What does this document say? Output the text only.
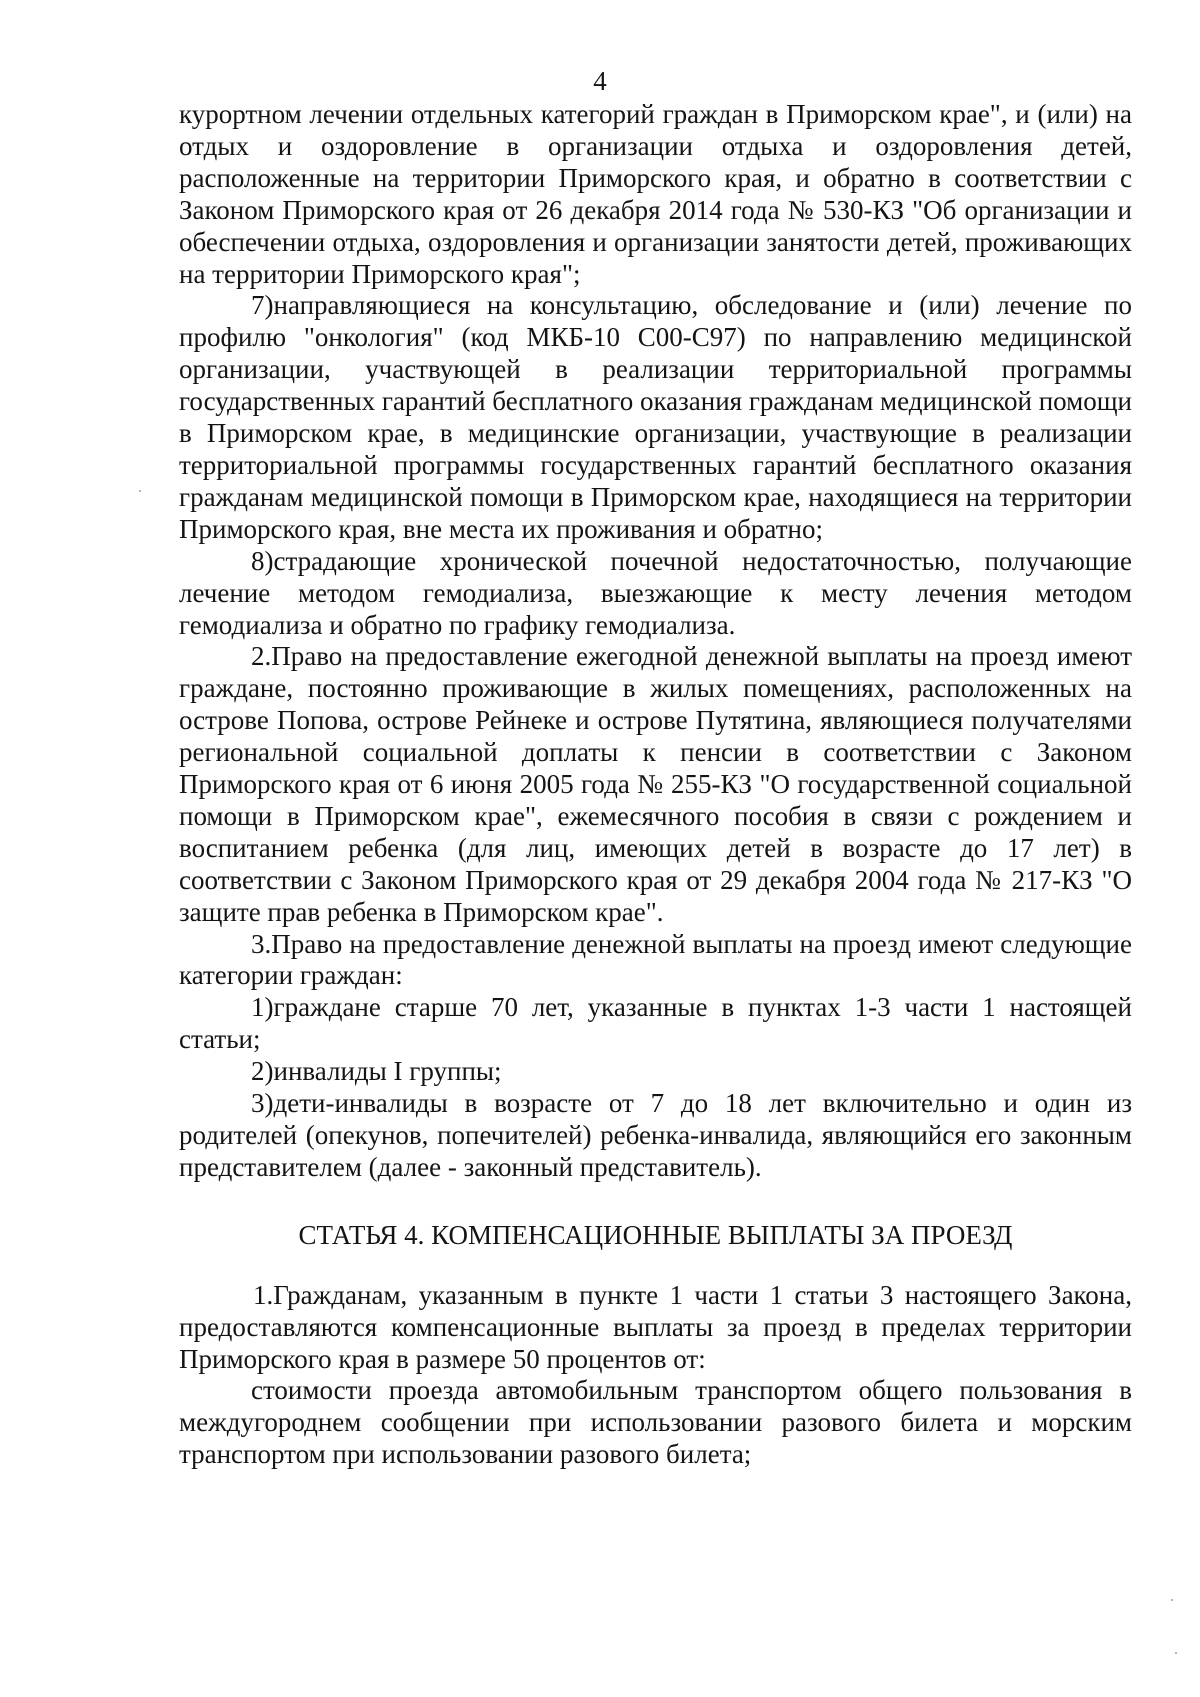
4

курортном лечении отдельных категорий граждан в Приморском крае", и (или) на отдых и оздоровление в организации отдыха и оздоровления детей, расположенные на территории Приморского края, и обратно в соответствии с Законом Приморского края от 26 декабря 2014 года № 530-КЗ "Об организации и обеспечении отдыха, оздоровления и организации занятости детей, проживающих на территории Приморского края";

7)направляющиеся на консультацию, обследование и (или) лечение по профилю "онкология" (код МКБ-10 С00-С97) по направлению медицинской организации, участвующей в реализации территориальной программы государственных гарантий бесплатного оказания гражданам медицинской помощи в Приморском крае, в медицинские организации, участвующие в реализации территориальной программы государственных гарантий бесплатного оказания гражданам медицинской помощи в Приморском крае, находящиеся на территории Приморского края, вне места их проживания и обратно;

8)страдающие хронической почечной недостаточностью, получающие лечение методом гемодиализа, выезжающие к месту лечения методом гемодиализа и обратно по графику гемодиализа.

2.Право на предоставление ежегодной денежной выплаты на проезд имеют граждане, постоянно проживающие в жилых помещениях, расположенных на острове Попова, острове Рейнеке и острове Путятина, являющиеся получателями региональной социальной доплаты к пенсии в соответствии с Законом Приморского края от 6 июня 2005 года № 255-КЗ "О государственной социальной помощи в Приморском крае", ежемесячного пособия в связи с рождением и воспитанием ребенка (для лиц, имеющих детей в возрасте до 17 лет) в соответствии с Законом Приморского края от 29 декабря 2004 года № 217-КЗ "О защите прав ребенка в Приморском крае".

3.Право на предоставление денежной выплаты на проезд имеют следующие категории граждан:

1)граждане старше 70 лет, указанные в пунктах 1-3 части 1 настоящей статьи;

2)инвалиды I группы;

3)дети-инвалиды в возрасте от 7 до 18 лет включительно и один из родителей (опекунов, попечителей) ребенка-инвалида, являющийся его законным представителем (далее - законный представитель).

СТАТЬЯ 4. КОМПЕНСАЦИОННЫЕ ВЫПЛАТЫ ЗА ПРОЕЗД

1.Гражданам, указанным в пункте 1 части 1 статьи 3 настоящего Закона, предоставляются компенсационные выплаты за проезд в пределах территории Приморского края в размере 50 процентов от:

стоимости проезда автомобильным транспортом общего пользования в междугороднем сообщении при использовании разового билета и морским транспортом при использовании разового билета;
